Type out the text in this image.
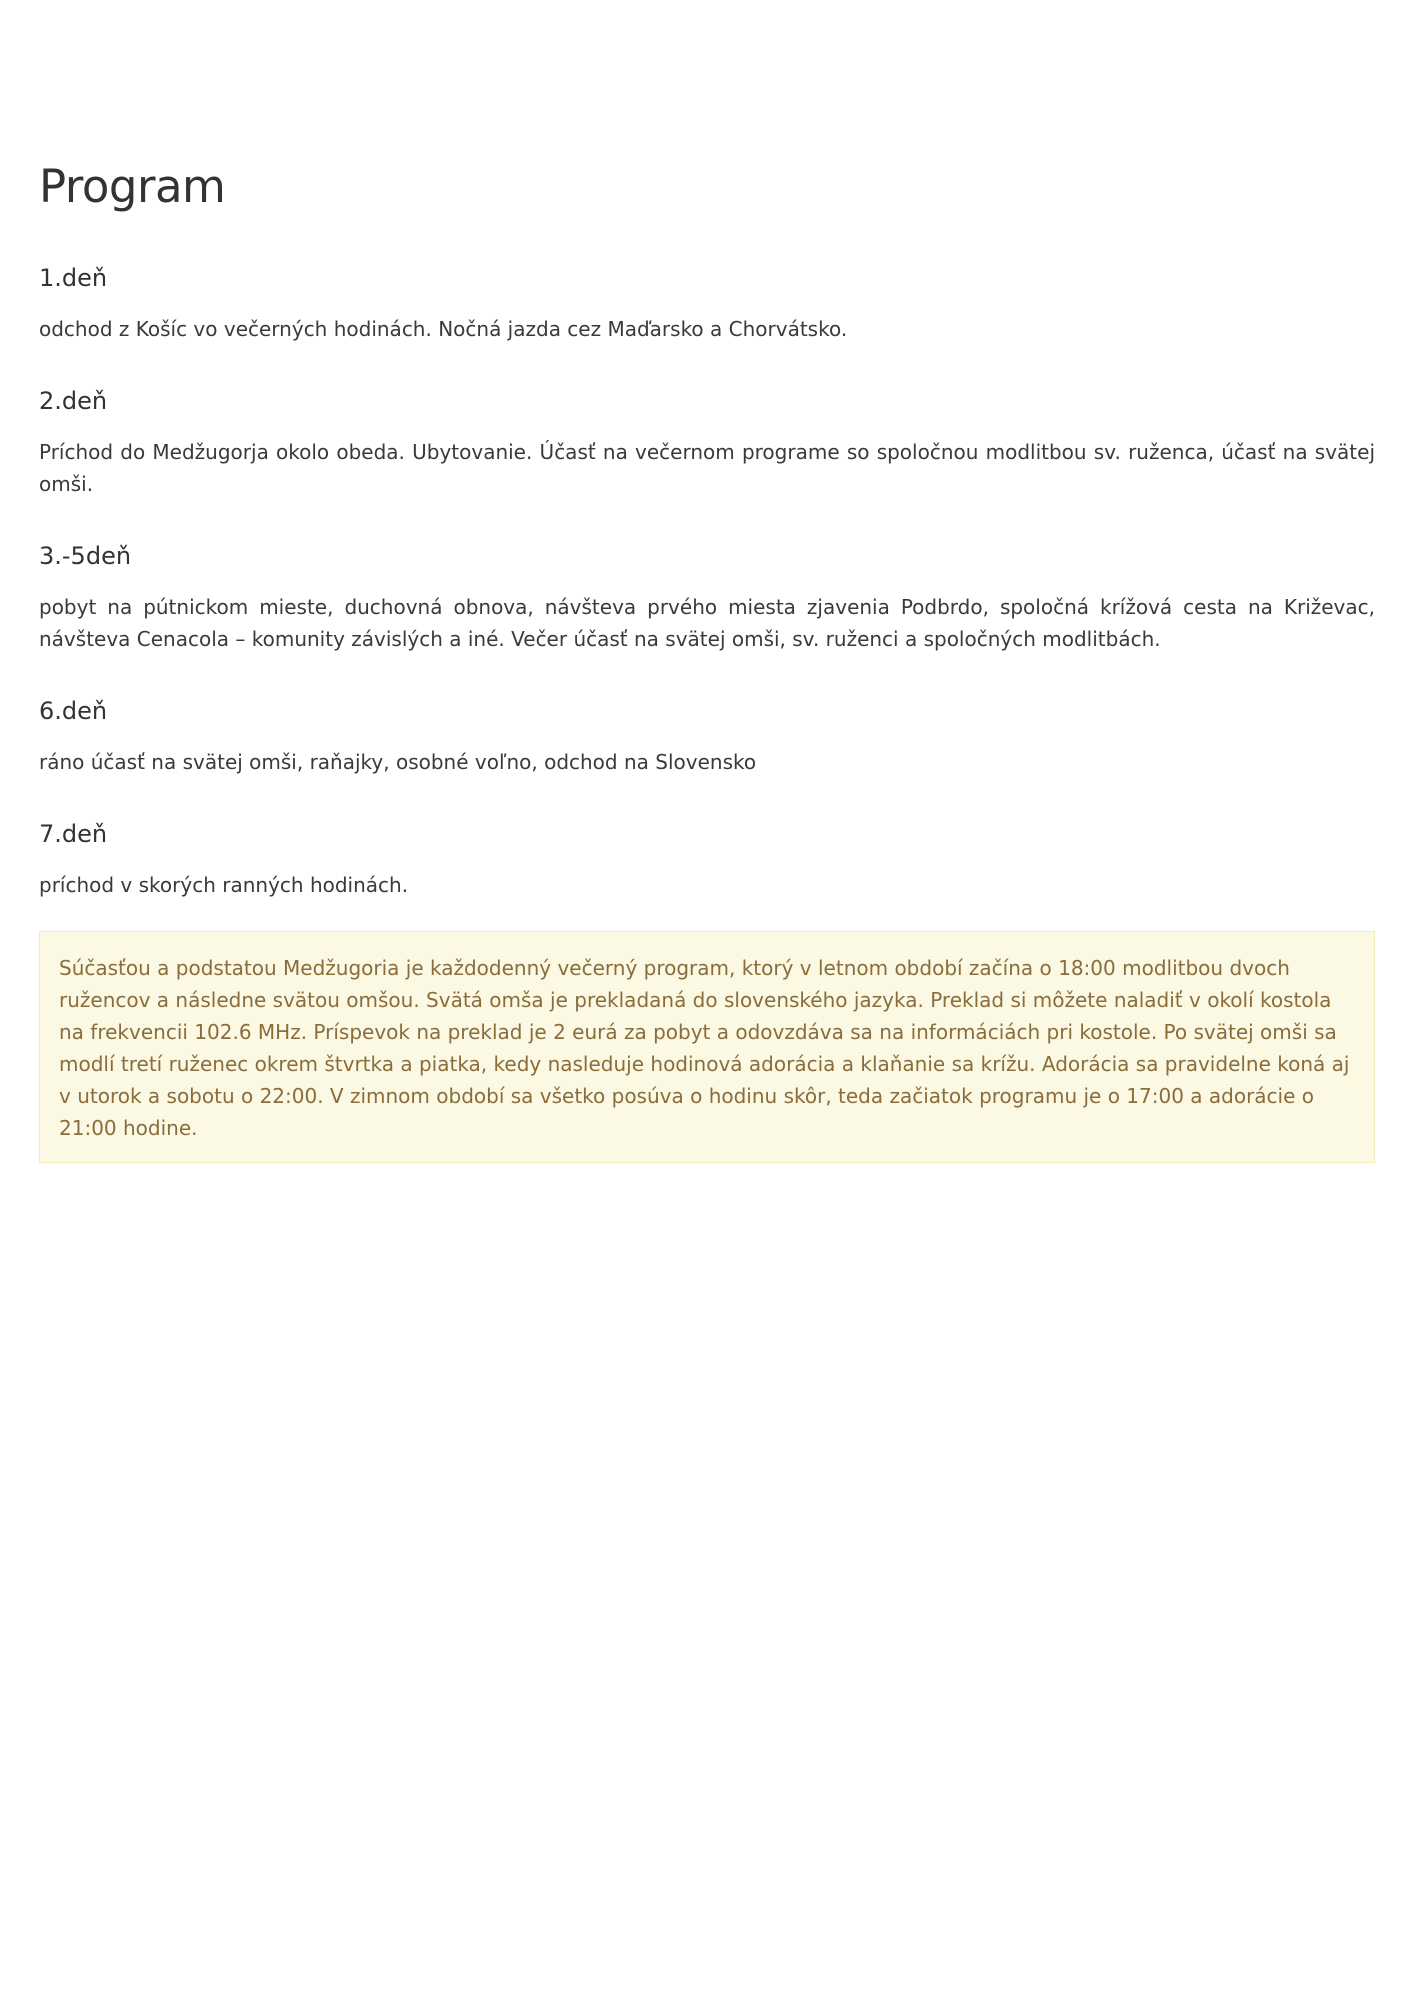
Program
1.deň

odchod z Košíc vo večerných hodinách. Nočná jazda cez Maďarsko a Chorvátsko.

2.deň

Príchod do Medžugorja okolo obeda. Ubytovanie. Účasť na večernom programe so spoločnou modlitbou sv. ruženca, účasť na svätej omši.

3.-5deň

pobyt na pútnickom mieste, duchovná obnova, návšteva prvého miesta zjavenia Podbrdo, spoločná krížová cesta na Križevac, návšteva Cenacola – komunity závislých a iné. Večer účasť na svätej omši, sv. ruženci a spoločných modlitbách.

6.deň

ráno účasť na svätej omši, raňajky, osobné voľno, odchod na Slovensko

7.deň

príchod v skorých ranných hodinách.

Súčasťou a podstatou Medžugoria je každodenný večerný program, ktorý v letnom období začína o 18:00 modlitbou dvoch ružencov a následne svätou omšou. Svätá omša je prekladaná do slovenského jazyka. Preklad si môžete naladiť v okolí kostola na frekvencii 102.6 MHz. Príspevok na preklad je 2 eurá za pobyt a odovzdáva sa na informáciách pri kostole. Po svätej omši sa modlí tretí ruženec okrem štvrtka a piatka, kedy nasleduje hodinová adorácia a klaňanie sa krížu. Adorácia sa pravidelne koná aj v utorok a sobotu o 22:00. V zimnom období sa všetko posúva o hodinu skôr, teda začiatok programu je o 17:00 a adorácie o 21:00 hodine.
